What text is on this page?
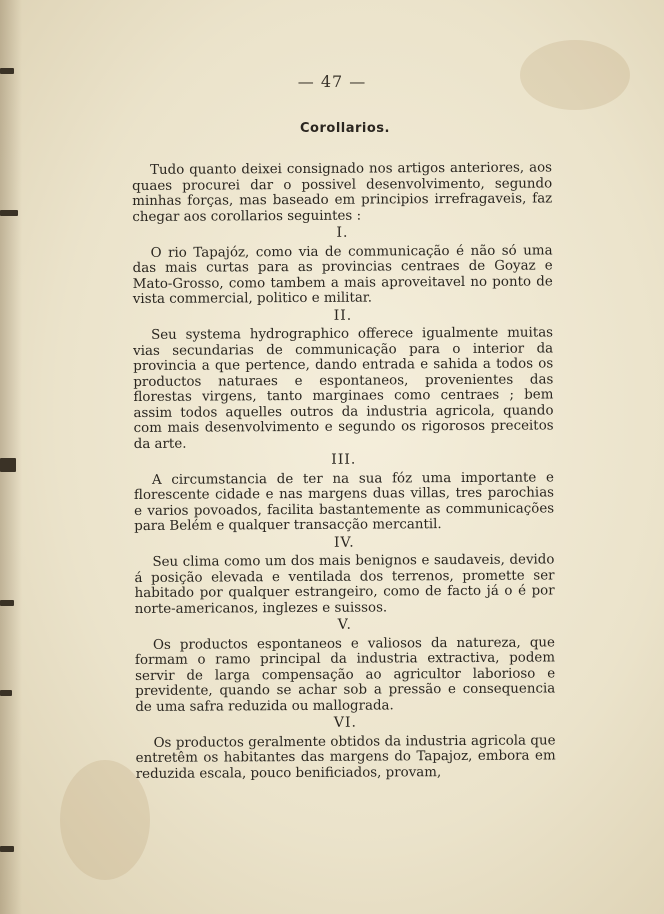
— 47 —
Corollarios.

Tudo quanto deixei consignado nos artigos anteriores, aos quaes procurei dar o possivel desenvolvimento, segundo minhas forças, mas baseado em principios irrefragaveis, faz chegar aos corollarios seguintes :

I.

O rio Tapajóz, como via de communicação é não só uma das mais curtas para as provincias centraes de Goyaz e Mato-Grosso, como tambem a mais aproveitavel no ponto de vista commercial, politico e militar.

II.

Seu systema hydrographico offerece igualmente muitas vias secundarias de communicação para o interior da provincia a que pertence, dando entrada e sahida a todos os productos naturaes e espontaneos, provenientes das florestas virgens, tanto marginaes como centraes ; bem assim todos aquelles outros da industria agricola, quando com mais desenvolvimento e segundo os rigorosos preceitos da arte.

III.

A circumstancia de ter na sua fóz uma importante e florescente cidade e nas margens duas villas, tres parochias e varios povoados, facilita bastantemente as communicações para Belém e qualquer transacção mercantil.

IV.

Seu clima como um dos mais benignos e saudaveis, devido á posição elevada e ventilada dos terrenos, promette ser habitado por qualquer estrangeiro, como de facto já o é por norte-americanos, inglezes e suissos.

V.

Os productos espontaneos e valiosos da natureza, que formam o ramo principal da industria extractiva, podem servir de larga compensação ao agricultor laborioso e previdente, quando se achar sob a pressão e consequencia de uma safra reduzida ou mallograda.

VI.

Os productos geralmente obtidos da industria agricola que entretêm os habitantes das margens do Tapajoz, embora em reduzida escala, pouco benificiados, provam,
